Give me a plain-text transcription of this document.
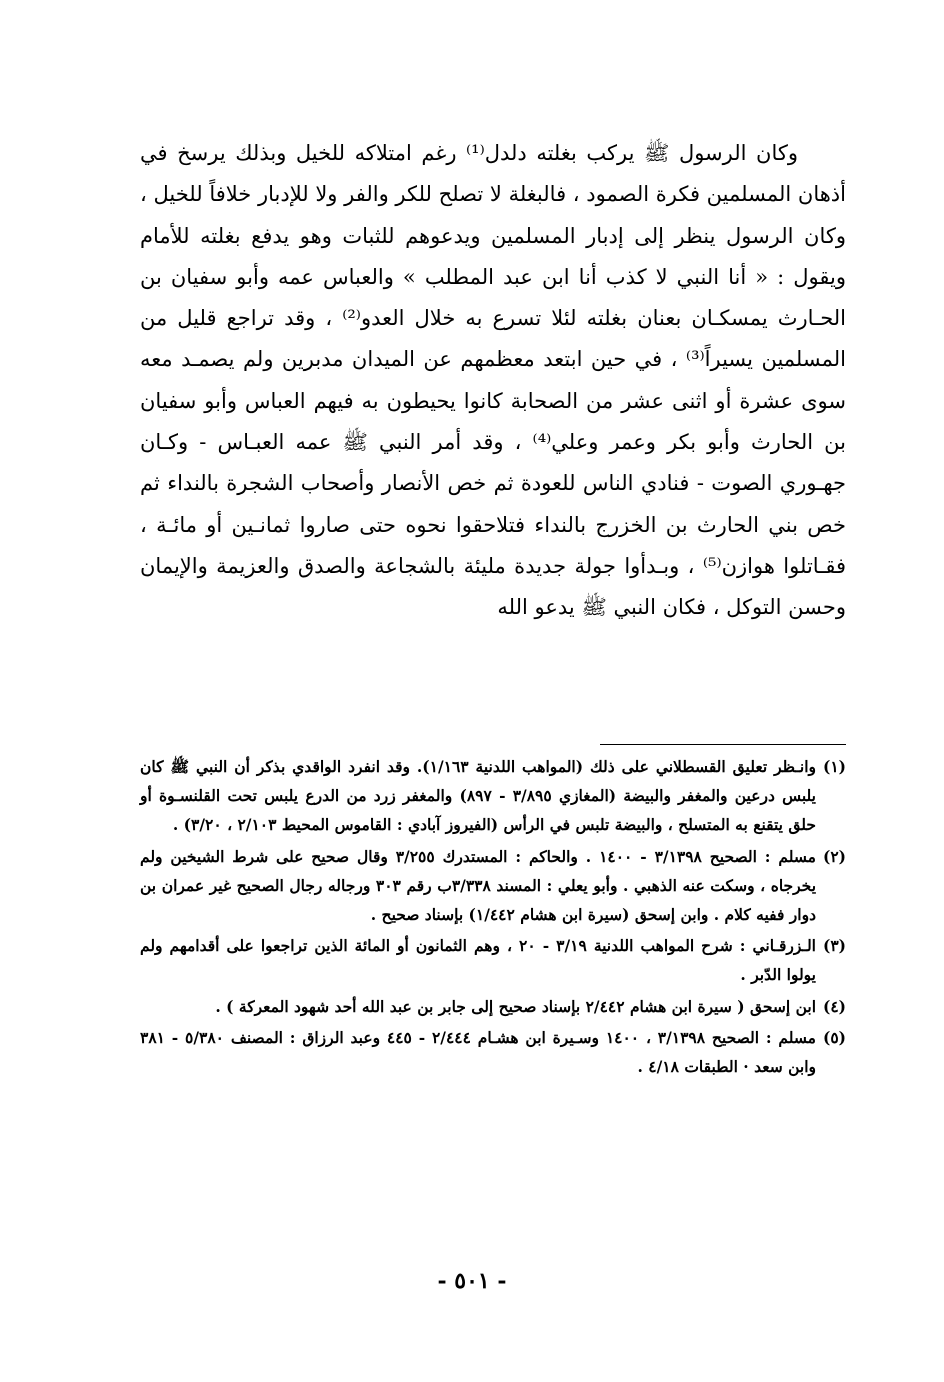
وكان الرسول ﷺ يركب بغلته دلدل⁽¹⁾ رغم امتلاكه للخيل وبذلك يرسخ في أذهان المسلمين فكرة الصمود ، فالبغلة لا تصلح للكر والفر ولا للإدبار خلافاً للخيل ، وكان الرسول ينظر إلى إدبار المسلمين ويدعوهم للثبات وهو يدفع بغلته للأمام ويقول : « أنا النبي لا كذب أنا ابن عبد المطلب » والعباس عمه وأبو سفيان بن الحـارث يمسكـان بعنان بغلته لئلا تسرع به خلال العدو⁽²⁾ ، وقد تراجع قليل من المسلمين يسيراً⁽³⁾ ، في حين ابتعد معظمهم عن الميدان مدبرين ولم يصمـد معه سوى عشرة أو اثنى عشر من الصحابة كانوا يحيطون به فيهم العباس وأبو سفيان بن الحارث وأبو بكر وعمر وعلي⁽⁴⁾ ، وقد أمر النبي ﷺ عمه العبـاس - وكـان جهـوري الصوت - فنادي الناس للعودة ثم خص الأنصار وأصحاب الشجرة بالنداء ثم خص بني الحارث بن الخزرج بالنداء فتلاحقوا نحوه حتى صاروا ثمانـين أو مائـة ، فقـاتلوا هوازن⁽⁵⁾ ، وبـدأوا جولة جديدة مليئة بالشجاعة والصدق والعزيمة والإيمان وحسن التوكل ، فكان النبي ﷺ يدعو الله

(١)وانـظر تعليق القسطلاني على ذلك (المواهب اللدنية ١/١٦٣). وقد انفرد الواقدي بذكر أن النبي ﷺ كان يلبس درعين والمغفر والبيضة (المغازي ٣/٨٩٥ - ٨٩٧) والمغفر زرد من الدرع يلبس تحت القلنسـوة أو حلق يتقنع به المتسلح ، والبيضة تلبس في الرأس (الفيروز آبادي : القاموس المحيط ٢/١٠٣ ، ٣/٢٠) .
(٢)مسلم : الصحيح ٣/١٣٩٨ - ١٤٠٠ . والحاكم : المستدرك ٣/٢٥٥ وقال صحيح على شرط الشيخين ولم يخرجاه ، وسكت عنه الذهبي . وأبو يعلي : المسند ٣/٣٣٨ب رقم ٣٠٣ ورجاله رجال الصحيح غير عمران بن دوار ففيه كلام . وابن إسحق (سيرة ابن هشام ١/٤٤٢) بإسناد صحيح .
(٣)الـزرقـاني : شرح المواهب اللدنية ٣/١٩ - ٢٠ ، وهم الثمانون أو المائة الذين تراجعوا على أقدامهم ولم يولوا الدّبر .
(٤)ابن إسحق ( سيرة ابن هشام ٢/٤٤٢ بإسناد صحيح إلى جابر بن عبد الله أحد شهود المعركة ) .
(٥)مسلم : الصحيح ٣/١٣٩٨ ، ١٤٠٠ وسـيرة ابن هشـام ٢/٤٤٤ - ٤٤٥ وعبد الرزاق : المصنف ٥/٣٨٠ - ٣٨١ وابن سعد · الطبقات ٤/١٨ .
- ٥٠١ -
